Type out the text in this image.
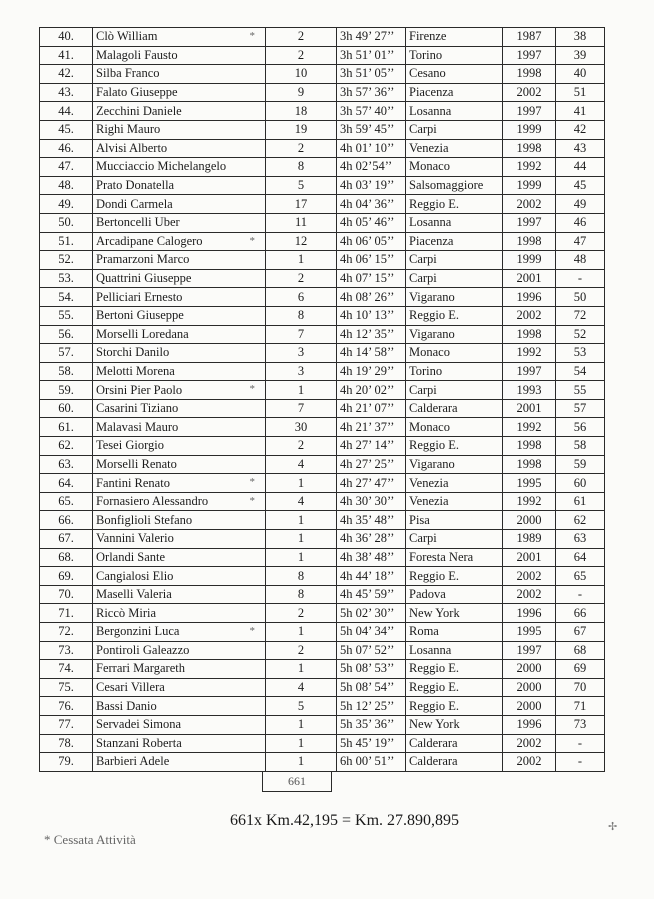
40.	Clò William *	2	3h 49’ 27’’	Firenze	1987	38
41.	Malagoli Fausto	2	3h 51’ 01’’	Torino	1997	39
42.	Silba Franco	10	3h 51’ 05’’	Cesano	1998	40
43.	Falato Giuseppe	9	3h 57’ 36’’	Piacenza	2002	51
44.	Zecchini Daniele	18	3h 57’ 40’’	Losanna	1997	41
45.	Righi Mauro	19	3h 59’ 45’’	Carpi	1999	42
46.	Alvisi Alberto	2	4h 01’ 10’’	Venezia	1998	43
47.	Mucciaccio Michelangelo	8	4h 02’54’’	Monaco	1992	44
48.	Prato Donatella	5	4h 03’ 19’’	Salsomaggiore	1999	45
49.	Dondi Carmela	17	4h 04’ 36’’	Reggio E.	2002	49
50.	Bertoncelli Uber	11	4h 05’ 46’’	Losanna	1997	46
51.	Arcadipane Calogero *	12	4h 06’ 05’’	Piacenza	1998	47
52.	Pramarzoni Marco	1	4h 06’ 15’’	Carpi	1999	48
53.	Quattrini Giuseppe	2	4h 07’ 15’’	Carpi	2001	-
54.	Pelliciari Ernesto	6	4h 08’ 26’’	Vigarano	1996	50
55.	Bertoni Giuseppe	8	4h 10’ 13’’	Reggio E.	2002	72
56.	Morselli Loredana	7	4h 12’ 35’’	Vigarano	1998	52
57.	Storchi Danilo	3	4h 14’ 58’’	Monaco	1992	53
58.	Melotti Morena	3	4h 19’ 29’’	Torino	1997	54
59.	Orsini Pier Paolo *	1	4h 20’ 02’’	Carpi	1993	55
60.	Casarini Tiziano	7	4h 21’ 07’’	Calderara	2001	57
61.	Malavasi Mauro	30	4h 21’ 37’’	Monaco	1992	56
62.	Tesei Giorgio	2	4h 27’ 14’’	Reggio E.	1998	58
63.	Morselli Renato	4	4h 27’ 25’’	Vigarano	1998	59
64.	Fantini Renato *	1	4h 27’ 47’’	Venezia	1995	60
65.	Fornasiero Alessandro *	4	4h 30’ 30’’	Venezia	1992	61
66.	Bonfiglioli Stefano	1	4h 35’ 48’’	Pisa	2000	62
67.	Vannini Valerio	1	4h 36’ 28’’	Carpi	1989	63
68.	Orlandi Sante	1	4h 38’ 48’’	Foresta Nera	2001	64
69.	Cangialosi Elio	8	4h 44’ 18’’	Reggio E.	2002	65
70.	Maselli Valeria	8	4h 45’ 59’’	Padova	2002	-
71.	Riccò Miria	2	5h 02’ 30’’	New York	1996	66
72.	Bergonzini Luca *	1	5h 04’ 34’’	Roma	1995	67
73.	Pontiroli Galeazzo	2	5h 07’ 52’’	Losanna	1997	68
74.	Ferrari Margareth	1	5h 08’ 53’’	Reggio E.	2000	69
75.	Cesari Villera	4	5h 08’ 54’’	Reggio E.	2000	70
76.	Bassi Danio	5	5h 12’ 25’’	Reggio E.	2000	71
77.	Servadei Simona	1	5h 35’ 36’’	New York	1996	73
78.	Stanzani Roberta	1	5h 45’ 19’’	Calderara	2002	-
79.	Barbieri Adele	1	6h 00’ 51’’	Calderara	2002	-
661
661x Km.42,195 = Km. 27.890,895
* Cessata Attività
✢
